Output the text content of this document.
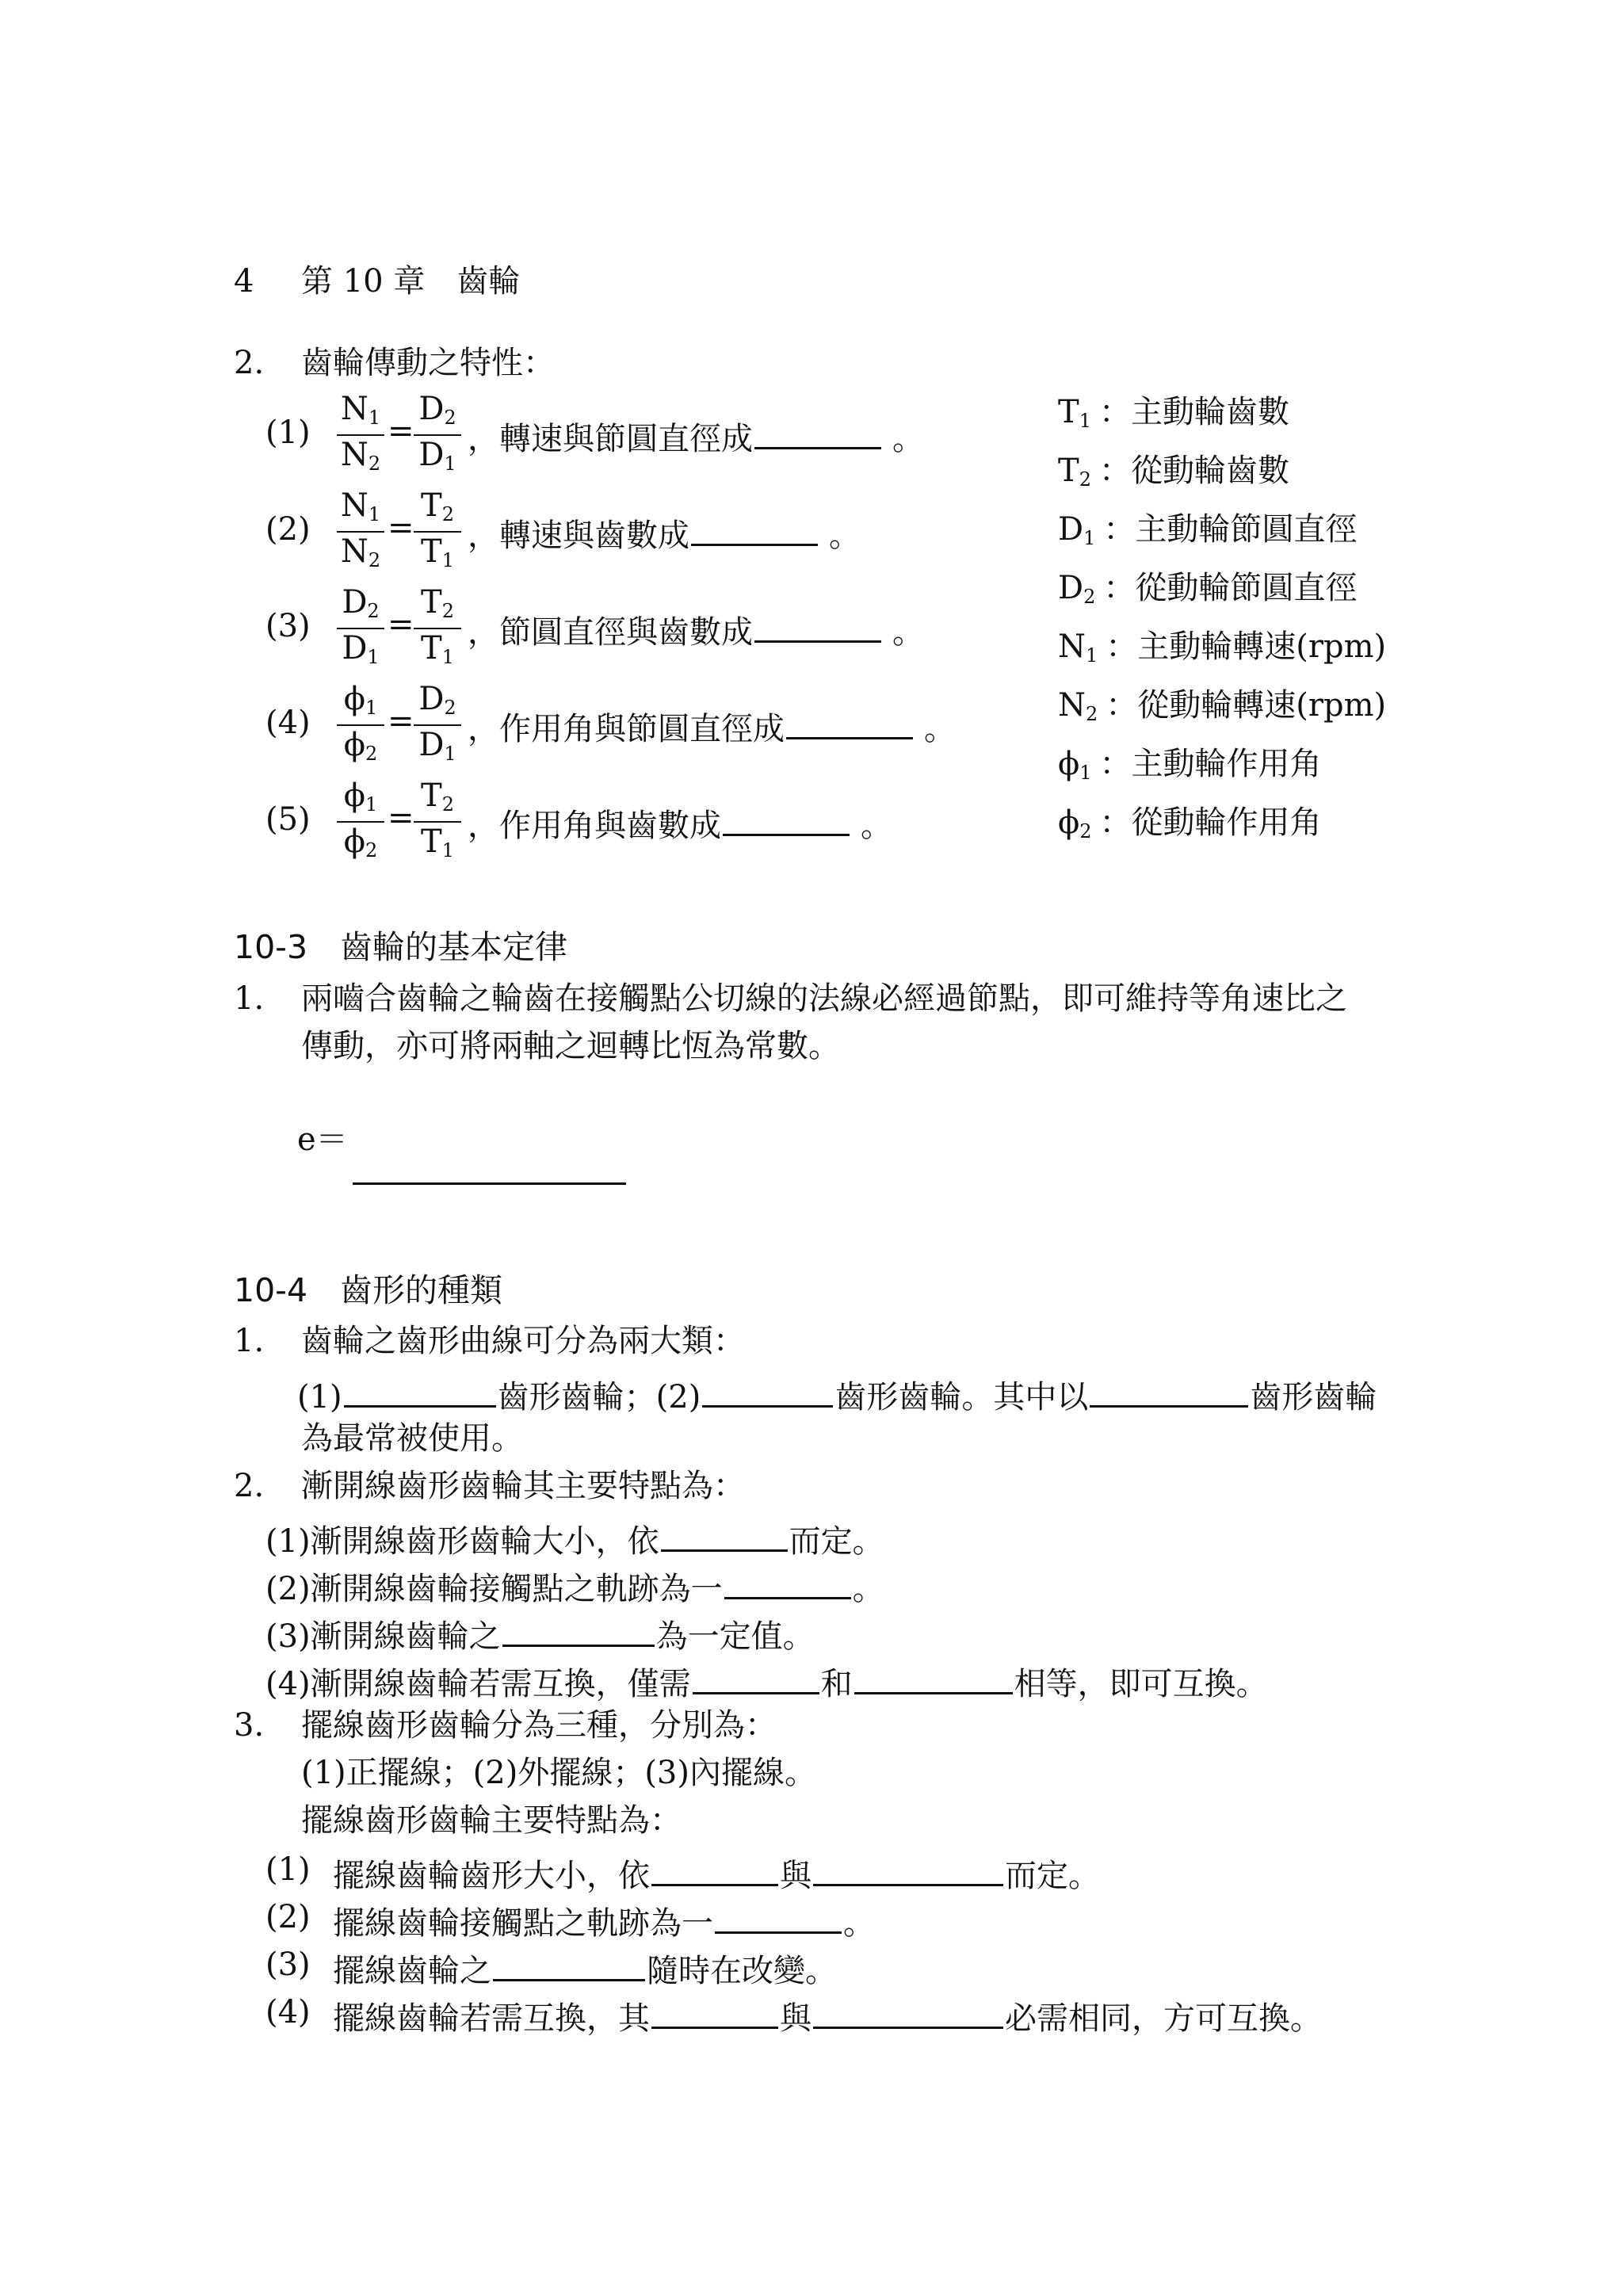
4 第 10 章　齒輪
2. 齒輪傳動之特性：
(1)
$N_1$
$N_2$
=
$D_2$
$D_1$
，轉速與節圓直徑成	。
(2)
$N_1$
$N_2$
=
$T_2$
$T_1$
，轉速與齒數成	。
(3)
$D_2$
$D_1$
=
$T_2$
$T_1$
，節圓直徑與齒數成	。
(4)
$\phi_1$
$\phi_2$
=
$D_2$
$D_1$
，作用角與節圓直徑成	。
(5)
$\phi_1$
$\phi_2$
=
$T_2$
$T_1$
，作用角與齒數成	。
$T_1$ ：主動輪齒數
$T_2$ ：從動輪齒數
$D_1$ ：主動輪節圓直徑
$D_2$ ：從動輪節圓直徑
$N_1$ ：主動輪轉速(rpm)
$N_2$ ：從動輪轉速(rpm)
$\phi_1$ ：主動輪作用角
$\phi_2$ ：從動輪作用角
10-3　齒輪的基本定律
1. 兩嚙合齒輪之輪齒在接觸點公切線的法線必經過節點，即可維持等角速比之
傳動，亦可將兩軸之迴轉比恆為常數。
e＝
10-4　齒形的種類
1. 齒輪之齒形曲線可分為兩大類：
(1)	齒形齒輪；(2)	齒形齒輪。其中以	齒形齒輪
為最常被使用。
2. 漸開線齒形齒輪其主要特點為：
(1)漸開線齒形齒輪大小，依	而定。
(2)漸開線齒輪接觸點之軌跡為一	。
(3)漸開線齒輪之	為一定值。
(4)漸開線齒輪若需互換，僅需	和	相等，即可互換。
3. 擺線齒形齒輪分為三種，分別為：
(1)正擺線；(2)外擺線；(3)內擺線。
擺線齒形齒輪主要特點為：
(1) 擺線齒輪齒形大小，依	與	而定。
(2) 擺線齒輪接觸點之軌跡為一	。
(3) 擺線齒輪之	隨時在改變。
(4) 擺線齒輪若需互換，其	與	必需相同，方可互換。
